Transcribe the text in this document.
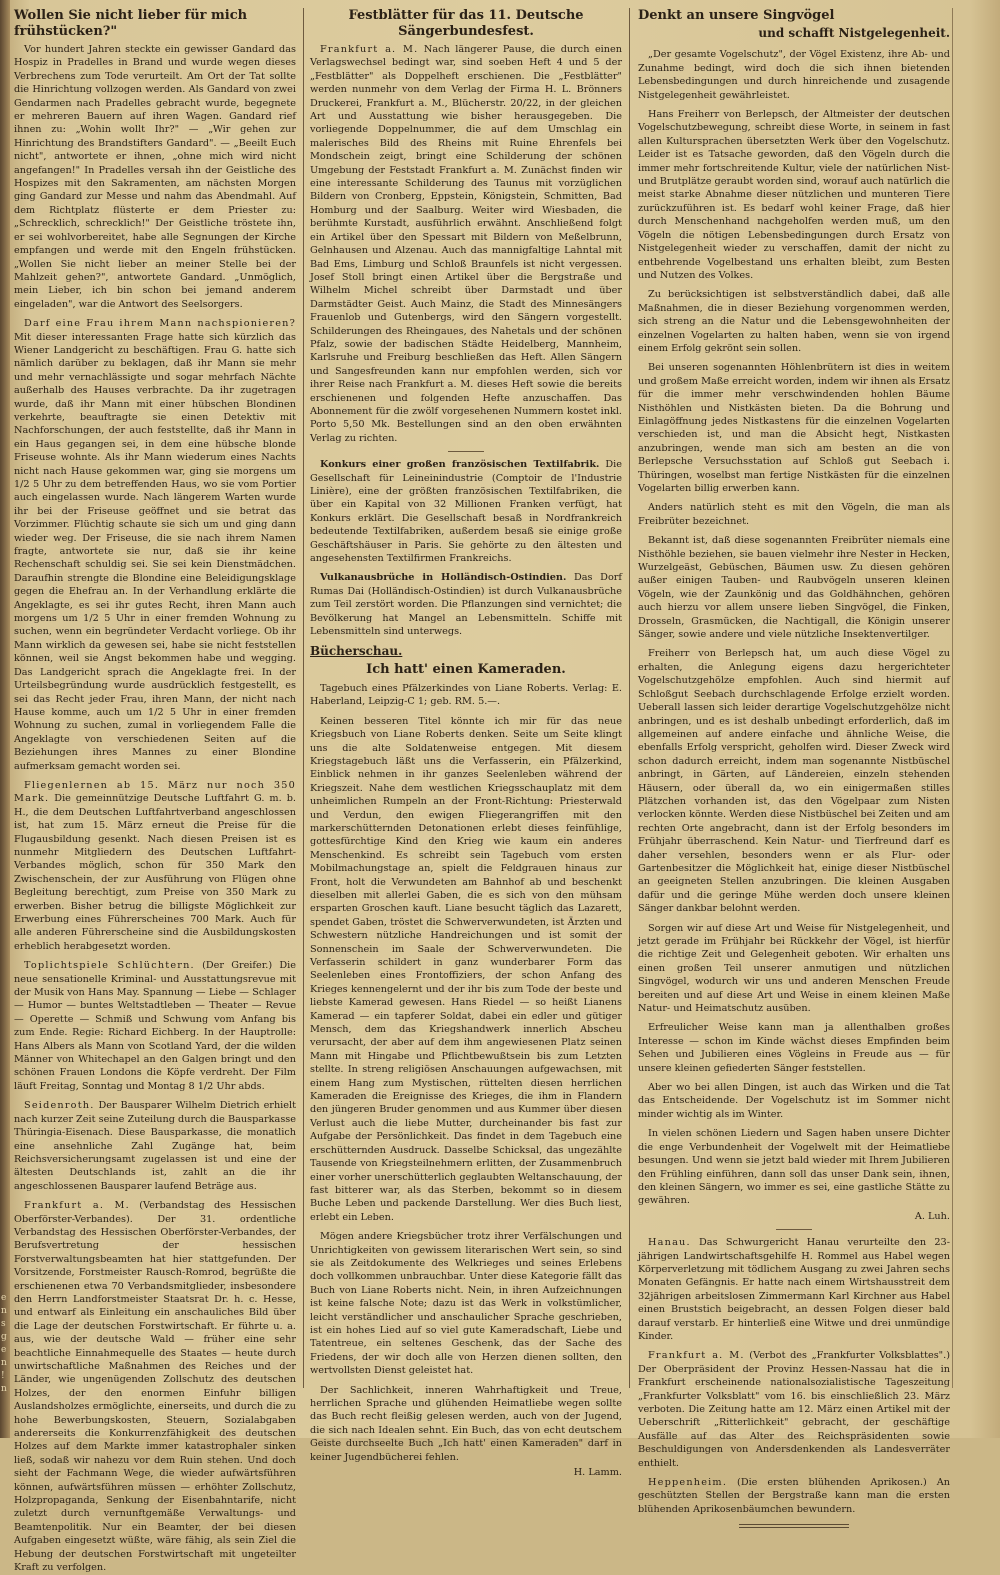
e
n
s
g
e
n
!
n
Wollen Sie nicht lieber für mich frühstücken?"

Vor hundert Jahren steckte ein gewisser Gandard das Hospiz in Pradelles in Brand und wurde wegen dieses Verbrechens zum Tode verurteilt. Am Ort der Tat sollte die Hinrichtung vollzogen werden. Als Gandard von zwei Gendarmen nach Pradelles gebracht wurde, begegnete er mehreren Bauern auf ihren Wagen. Gandard rief ihnen zu: „Wohin wollt Ihr?" — „Wir gehen zur Hinrichtung des Brandstifters Gandard". — „Beeilt Euch nicht", antwortete er ihnen, „ohne mich wird nicht angefangen!" In Pradelles versah ihn der Geistliche des Hospizes mit den Sakramenten, am nächsten Morgen ging Gandard zur Messe und nahm das Abendmahl. Auf dem Richtplatz flüsterte er dem Priester zu: „Schrecklich, schrecklich!" Der Geistliche tröstete ihn, er sei wohlvorbereitet, habe alle Segnungen der Kirche empfangen und werde mit den Engeln frühstücken. „Wollen Sie nicht lieber an meiner Stelle bei der Mahlzeit gehen?", antwortete Gandard. „Unmöglich, mein Lieber, ich bin schon bei jemand anderem eingeladen", war die Antwort des Seelsorgers.

Darf eine Frau ihrem Mann nachspionieren? Mit dieser interessanten Frage hatte sich kürzlich das Wiener Landgericht zu beschäftigen. Frau G. hatte sich nämlich darüber zu beklagen, daß ihr Mann sie mehr und mehr vernachlässigte und sogar mehrfach Nächte außerhalb des Hauses verbrachte. Da ihr zugetragen wurde, daß ihr Mann mit einer hübschen Blondinen verkehrte, beauftragte sie einen Detektiv mit Nachforschungen, der auch feststellte, daß ihr Mann in ein Haus gegangen sei, in dem eine hübsche blonde Friseuse wohnte. Als ihr Mann wiederum eines Nachts nicht nach Hause gekommen war, ging sie morgens um 1/2 5 Uhr zu dem betreffenden Haus, wo sie vom Portier auch eingelassen wurde. Nach längerem Warten wurde ihr bei der Friseuse geöffnet und sie betrat das Vorzimmer. Flüchtig schaute sie sich um und ging dann wieder weg. Der Friseuse, die sie nach ihrem Namen fragte, antwortete sie nur, daß sie ihr keine Rechenschaft schuldig sei. Sie sei kein Dienstmädchen. Daraufhin strengte die Blondine eine Beleidigungsklage gegen die Ehefrau an. In der Verhandlung erklärte die Angeklagte, es sei ihr gutes Recht, ihren Mann auch morgens um 1/2 5 Uhr in einer fremden Wohnung zu suchen, wenn ein begründeter Verdacht vorliege. Ob ihr Mann wirklich da gewesen sei, habe sie nicht feststellen können, weil sie Angst bekommen habe und wegging. Das Landgericht sprach die Angeklagte frei. In der Urteilsbegründung wurde ausdrücklich festgestellt, es sei das Recht jeder Frau, ihren Mann, der nicht nach Hause komme, auch um 1/2 5 Uhr in einer fremden Wohnung zu suchen, zumal in vorliegendem Falle die Angeklagte von verschiedenen Seiten auf die Beziehungen ihres Mannes zu einer Blondine aufmerksam gemacht worden sei.

Fliegenlernen ab 15. März nur noch 350 Mark. Die gemeinnützige Deutsche Luftfahrt G. m. b. H., die dem Deutschen Luftfahrtverband angeschlossen ist, hat zum 15. März erneut die Preise für die Flugausbildung gesenkt. Nach diesen Preisen ist es nunmehr Mitgliedern des Deutschen Luftfahrt-Verbandes möglich, schon für 350 Mark den Zwischenschein, der zur Ausführung von Flügen ohne Begleitung berechtigt, zum Preise von 350 Mark zu erwerben. Bisher betrug die billigste Möglichkeit zur Erwerbung eines Führerscheines 700 Mark. Auch für alle anderen Führerscheine sind die Ausbildungskosten erheblich herabgesetzt worden.

Toplichtspiele Schlüchtern. (Der Greifer.) Die neue sensationelle Kriminal- und Ausstattungsrevue mit der Musik von Hans May. Spannung — Liebe — Schlager — Humor — buntes Weltstadtleben — Theater — Revue — Operette — Schmiß und Schwung vom Anfang bis zum Ende. Regie: Richard Eichberg. In der Hauptrolle: Hans Albers als Mann von Scotland Yard, der die wilden Männer von Whitechapel an den Galgen bringt und den schönen Frauen Londons die Köpfe verdreht. Der Film läuft Freitag, Sonntag und Montag 8 1/2 Uhr abds.

Seidenroth. Der Bausparer Wilhelm Dietrich erhielt nach kurzer Zeit seine Zuteilung durch die Bausparkasse Thüringia-Eisenach. Diese Bausparkasse, die monatlich eine ansehnliche Zahl Zugänge hat, beim Reichsversicherungsamt zugelassen ist und eine der ältesten Deutschlands ist, zahlt an die ihr angeschlossenen Bausparer laufend Beträge aus.

Frankfurt a. M. (Verbandstag des Hessischen Oberförster-Verbandes). Der 31. ordentliche Verbandstag des Hessischen Oberförster-Verbandes, der Berufsvertretung der hessischen Forstverwaltungsbeamten hat hier stattgefunden. Der Vorsitzende, Forstmeister Rausch-Romrod, begrüßte die erschienenen etwa 70 Verbandsmitglieder, insbesondere den Herrn Landforstmeister Staatsrat Dr. h. c. Hesse, und entwarf als Einleitung ein anschauliches Bild über die Lage der deutschen Forstwirtschaft. Er führte u. a. aus, wie der deutsche Wald — früher eine sehr beachtliche Einnahmequelle des Staates — heute durch unwirtschaftliche Maßnahmen des Reiches und der Länder, wie ungenügenden Zollschutz des deutschen Holzes, der den enormen Einfuhr billigen Auslandsholzes ermöglichte, einerseits, und durch die zu hohe Bewerbungskosten, Steuern, Sozialabgaben andererseits die Konkurrenzfähigkeit des deutschen Holzes auf dem Markte immer katastrophaler sinken ließ, sodaß wir nahezu vor dem Ruin stehen. Und doch sieht der Fachmann Wege, die wieder aufwärtsführen können, aufwärtsführen müssen — erhöhter Zollschutz, Holzpropaganda, Senkung der Eisenbahntarife, nicht zuletzt durch vernunftgemäße Verwaltungs- und Beamtenpolitik. Nur ein Beamter, der bei diesen Aufgaben eingesetzt wüßte, wäre fähig, als sein Ziel die Hebung der deutschen Forstwirtschaft mit ungeteilter Kraft zu verfolgen.

Festblätter für das 11. Deutsche Sängerbundesfest.

Frankfurt a. M. Nach längerer Pause, die durch einen Verlagswechsel bedingt war, sind soeben Heft 4 und 5 der „Festblätter" als Doppelheft erschienen. Die „Festblätter" werden nunmehr von dem Verlag der Firma H. L. Brönners Druckerei, Frankfurt a. M., Blücherstr. 20/22, in der gleichen Art und Ausstattung wie bisher herausgegeben. Die vorliegende Doppelnummer, die auf dem Umschlag ein malerisches Bild des Rheins mit Ruine Ehrenfels bei Mondschein zeigt, bringt eine Schilderung der schönen Umgebung der Feststadt Frankfurt a. M. Zunächst finden wir eine interessante Schilderung des Taunus mit vorzüglichen Bildern von Cronberg, Eppstein, Königstein, Schmitten, Bad Homburg und der Saalburg. Weiter wird Wiesbaden, die berühmte Kurstadt, ausführlich erwähnt. Anschließend folgt ein Artikel über den Spessart mit Bildern von Meßelbrunn, Gelnhausen und Alzenau. Auch das mannigfaltige Lahntal mit Bad Ems, Limburg und Schloß Braunfels ist nicht vergessen. Josef Stoll bringt einen Artikel über die Bergstraße und Wilhelm Michel schreibt über Darmstadt und über Darmstädter Geist. Auch Mainz, die Stadt des Minnesängers Frauenlob und Gutenbergs, wird den Sängern vorgestellt. Schilderungen des Rheingaues, des Nahetals und der schönen Pfalz, sowie der badischen Städte Heidelberg, Mannheim, Karlsruhe und Freiburg beschließen das Heft. Allen Sängern und Sangesfreunden kann nur empfohlen werden, sich vor ihrer Reise nach Frankfurt a. M. dieses Heft sowie die bereits erschienenen und folgenden Hefte anzuschaffen. Das Abonnement für die zwölf vorgesehenen Nummern kostet inkl. Porto 5,50 Mk. Bestellungen sind an den oben erwähnten Verlag zu richten.

Konkurs einer großen französischen Textilfabrik. Die Gesellschaft für Leineinindustrie (Comptoir de l'Industrie Linière), eine der größten französischen Textilfabriken, die über ein Kapital von 32 Millionen Franken verfügt, hat Konkurs erklärt. Die Gesellschaft besaß in Nordfrankreich bedeutende Textilfabriken, außerdem besaß sie einige große Geschäftshäuser in Paris. Sie gehörte zu den ältesten und angesehensten Textilfirmen Frankreichs.

Vulkanausbrüche in Holländisch-Ostindien. Das Dorf Rumas Dai (Holländisch-Ostindien) ist durch Vulkanausbrüche zum Teil zerstört worden. Die Pflanzungen sind vernichtet; die Bevölkerung hat Mangel an Lebensmitteln. Schiffe mit Lebensmitteln sind unterwegs.

Bücherschau.
Ich hatt' einen Kameraden.

Tagebuch eines Pfälzerkindes von Liane Roberts. Verlag: E. Haberland, Leipzig-C 1; geb. RM. 5.—.

Keinen besseren Titel könnte ich mir für das neue Kriegsbuch von Liane Roberts denken. Seite um Seite klingt uns die alte Soldatenweise entgegen. Mit diesem Kriegstagebuch läßt uns die Verfasserin, ein Pfälzerkind, Einblick nehmen in ihr ganzes Seelenleben während der Kriegszeit. Nahe dem westlichen Kriegsschauplatz mit dem unheimlichen Rumpeln an der Front-Richtung: Priesterwald und Verdun, den ewigen Fliegerangriffen mit den markerschütternden Detonationen erlebt dieses feinfühlige, gottesfürchtige Kind den Krieg wie kaum ein anderes Menschenkind. Es schreibt sein Tagebuch vom ersten Mobilmachungstage an, spielt die Feldgrauen hinaus zur Front, holt die Verwundeten am Bahnhof ab und beschenkt dieselben mit allerlei Gaben, die es sich von den mühsam ersparten Groschen kauft. Liane besucht täglich das Lazarett, spendet Gaben, tröstet die Schwerverwundeten, ist Ärzten und Schwestern nützliche Handreichungen und ist somit der Sonnenschein im Saale der Schwerverwundeten. Die Verfasserin schildert in ganz wunderbarer Form das Seelenleben eines Frontoffiziers, der schon Anfang des Krieges kennengelernt und der ihr bis zum Tode der beste und liebste Kamerad gewesen. Hans Riedel — so heißt Lianens Kamerad — ein tapferer Soldat, dabei ein edler und gütiger Mensch, dem das Kriegshandwerk innerlich Abscheu verursacht, der aber auf dem ihm angewiesenen Platz seinen Mann mit Hingabe und Pflichtbewußtsein bis zum Letzten stellte. In streng religiösen Anschauungen aufgewachsen, mit einem Hang zum Mystischen, rüttelten diesen herrlichen Kameraden die Ereignisse des Krieges, die ihm in Flandern den jüngeren Bruder genommen und aus Kummer über diesen Verlust auch die liebe Mutter, durcheinander bis fast zur Aufgabe der Persönlichkeit. Das findet in dem Tagebuch eine erschütternden Ausdruck. Dasselbe Schicksal, das ungezählte Tausende von Kriegsteilnehmern erlitten, der Zusammenbruch einer vorher unerschütterlich geglaubten Weltanschauung, der fast bitterer war, als das Sterben, bekommt so in diesem Buche Leben und packende Darstellung. Wer dies Buch liest, erlebt ein Leben.

Mögen andere Kriegsbücher trotz ihrer Verfälschungen und Unrichtigkeiten von gewissem literarischen Wert sein, so sind sie als Zeitdokumente des Welkrieges und seines Erlebens doch vollkommen unbrauchbar. Unter diese Kategorie fällt das Buch von Liane Roberts nicht. Nein, in ihren Aufzeichnungen ist keine falsche Note; dazu ist das Werk in volkstümlicher, leicht verständlicher und anschaulicher Sprache geschrieben, ist ein hohes Lied auf so viel gute Kameradschaft, Liebe und Tatentreue, ein seltenes Geschenk, das der Sache des Friedens, der wir doch alle von Herzen dienen sollten, den wertvollsten Dienst geleistet hat.

Der Sachlichkeit, inneren Wahrhaftigkeit und Treue, herrlichen Sprache und glühenden Heimatliebe wegen sollte das Buch recht fleißig gelesen werden, auch von der Jugend, die sich nach Idealen sehnt. Ein Buch, das von echt deutschem Geiste durchseelte Buch „Ich hatt' einen Kameraden" darf in keiner Jugendbücherei fehlen.

H. Lamm.
Denkt an unsere Singvögel
und schafft Nistgelegenheit.

„Der gesamte Vogelschutz", der Vögel Existenz, ihre Ab- und Zunahme bedingt, wird doch die sich ihnen bietenden Lebensbedingungen und durch hinreichende und zusagende Nistgelegenheit gewährleistet.

Hans Freiherr von Berlepsch, der Altmeister der deutschen Vogelschutzbewegung, schreibt diese Worte, in seinem in fast allen Kultursprachen übersetzten Werk über den Vogelschutz. Leider ist es Tatsache geworden, daß den Vögeln durch die immer mehr fortschreitende Kultur, viele der natürlichen Nist- und Brutplätze geraubt worden sind, worauf auch natürlich die meist starke Abnahme dieser nützlichen und munteren Tiere zurückzuführen ist. Es bedarf wohl keiner Frage, daß hier durch Menschenhand nachgeholfen werden muß, um den Vögeln die nötigen Lebensbedingungen durch Ersatz von Nistgelegenheit wieder zu verschaffen, damit der nicht zu entbehrende Vogelbestand uns erhalten bleibt, zum Besten und Nutzen des Volkes.

Zu berücksichtigen ist selbstverständlich dabei, daß alle Maßnahmen, die in dieser Beziehung vorgenommen werden, sich streng an die Natur und die Lebensgewohnheiten der einzelnen Vogelarten zu halten haben, wenn sie von irgend einem Erfolg gekrönt sein sollen.

Bei unseren sogenannten Höhlenbrütern ist dies in weitem und großem Maße erreicht worden, indem wir ihnen als Ersatz für die immer mehr verschwindenden hohlen Bäume Nisthöhlen und Nistkästen bieten. Da die Bohrung und Einlagöffnung jedes Nistkastens für die einzelnen Vogelarten verschieden ist, und man die Absicht hegt, Nistkasten anzubringen, wende man sich am besten an die von Berlepsche Versuchsstation auf Schloß gut Seebach i. Thüringen, woselbst man fertige Nistkästen für die einzelnen Vogelarten billig erwerben kann.

Anders natürlich steht es mit den Vögeln, die man als Freibrüter bezeichnet.

Bekannt ist, daß diese sogenannten Freibrüter niemals eine Nisthöhle beziehen, sie bauen vielmehr ihre Nester in Hecken, Wurzelgeäst, Gebüschen, Bäumen usw. Zu diesen gehören außer einigen Tauben- und Raubvögeln unseren kleinen Vögeln, wie der Zaunkönig und das Goldhähnchen, gehören auch hierzu vor allem unsere lieben Singvögel, die Finken, Drosseln, Grasmücken, die Nachtigall, die Königin unserer Sänger, sowie andere und viele nützliche Insektenvertilger.

Freiherr von Berlepsch hat, um auch diese Vögel zu erhalten, die Anlegung eigens dazu hergerichteter Vogelschutzgehölze empfohlen. Auch sind hiermit auf Schloßgut Seebach durchschlagende Erfolge erzielt worden. Ueberall lassen sich leider derartige Vogelschutzgehölze nicht anbringen, und es ist deshalb unbedingt erforderlich, daß im allgemeinen auf andere einfache und ähnliche Weise, die ebenfalls Erfolg verspricht, geholfen wird. Dieser Zweck wird schon dadurch erreicht, indem man sogenannte Nistbüschel anbringt, in Gärten, auf Ländereien, einzeln stehenden Häusern, oder überall da, wo ein einigermaßen stilles Plätzchen vorhanden ist, das den Vögelpaar zum Nisten verlocken könnte. Werden diese Nistbüschel bei Zeiten und am rechten Orte angebracht, dann ist der Erfolg besonders im Frühjahr überraschend. Kein Natur- und Tierfreund darf es daher versehlen, besonders wenn er als Flur- oder Gartenbesitzer die Möglichkeit hat, einige dieser Nistbüschel an geeigneten Stellen anzubringen. Die kleinen Ausgaben dafür und die geringe Mühe werden doch unsere kleinen Sänger dankbar belohnt werden.

Sorgen wir auf diese Art und Weise für Nistgelegenheit, und jetzt gerade im Frühjahr bei Rückkehr der Vögel, ist hierfür die richtige Zeit und Gelegenheit geboten. Wir erhalten uns einen großen Teil unserer anmutigen und nützlichen Singvögel, wodurch wir uns und anderen Menschen Freude bereiten und auf diese Art und Weise in einem kleinen Maße Natur- und Heimatschutz ausüben.

Erfreulicher Weise kann man ja allenthalben großes Interesse — schon im Kinde wächst dieses Empfinden beim Sehen und Jubilieren eines Vögleins in Freude aus — für unsere kleinen gefiederten Sänger feststellen.

Aber wo bei allen Dingen, ist auch das Wirken und die Tat das Entscheidende. Der Vogelschutz ist im Sommer nicht minder wichtig als im Winter.

In vielen schönen Liedern und Sagen haben unsere Dichter die enge Verbundenheit der Vogelwelt mit der Heimatliebe besungen. Und wenn sie jetzt bald wieder mit Ihrem Jubilieren den Frühling einführen, dann soll das unser Dank sein, ihnen, den kleinen Sängern, wo immer es sei, eine gastliche Stätte zu gewähren.

A. Luh.

Hanau. Das Schwurgericht Hanau verurteilte den 23-jährigen Landwirtschaftsgehilfe H. Rommel aus Habel wegen Körperverletzung mit tödlichem Ausgang zu zwei Jahren sechs Monaten Gefängnis. Er hatte nach einem Wirtshausstreit dem 32jährigen arbeitslosen Zimmermann Karl Kirchner aus Habel einen Bruststich beigebracht, an dessen Folgen dieser bald darauf verstarb. Er hinterließ eine Witwe und drei unmündige Kinder.

Frankfurt a. M. (Verbot des „Frankfurter Volksblattes".) Der Oberpräsident der Provinz Hessen-Nassau hat die in Frankfurt erscheinende nationalsozialistische Tageszeitung „Frankfurter Volksblatt" vom 16. bis einschließlich 23. März verboten. Die Zeitung hatte am 12. März einen Artikel mit der Ueberschrift „Ritterlichkeit" gebracht, der geschäftige Ausfälle auf das Alter des Reichspräsidenten sowie Beschuldigungen von Andersdenkenden als Landesverräter enthielt.

Heppenheim. (Die ersten blühenden Aprikosen.) An geschützten Stellen der Bergstraße kann man die ersten blühenden Aprikosenbäumchen bewundern.
